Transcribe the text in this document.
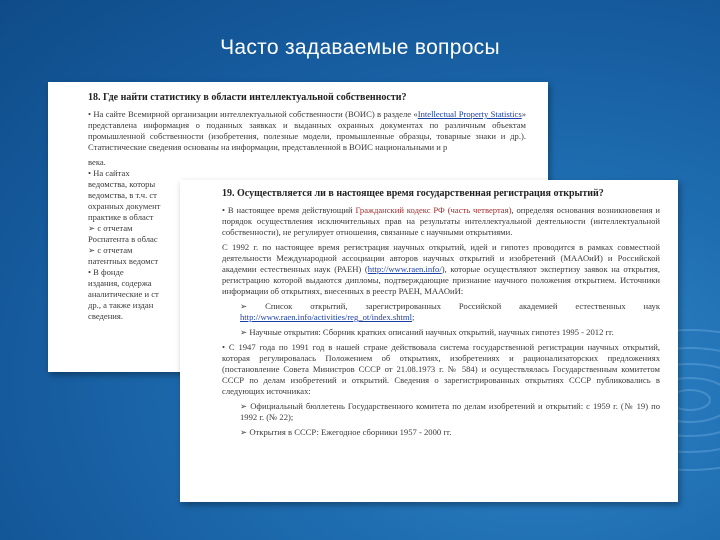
Часто задаваемые вопросы
18. Где найти статистику в области интеллектуальной собственности?

• На сайте Всемирной организации интеллектуальной собственности (ВОИС) в разделе «Intellectual Property Statistics» представлена информация о поданных заявках и выданных охранных документах по различным объектам промышленной собственности (изобретения, полезные модели, промышленные образцы, товарные знаки и др.). Статистические сведения основаны на информации, представленной в ВОИС национальными и р

века.
• На сайтах
ведомства, которы
ведомства, в т.ч. ст
охранных документ
практике в област
➢ с отчетам
Роспатента в облас
➢ с отчетам
патентных ведомст
• В фонде
издания, содержа
аналитические и ст
др., а также издан
сведения.
19. Осуществляется ли в настоящее время государственная регистрация открытий?

• В настоящее время действующий Гражданский кодекс РФ (часть четвертая), определяя основания возникновения и порядок осуществления исключительных прав на результаты интеллектуальной деятельности (интеллектуальной собственности), не регулирует отношения, связанные с научными открытиями.

С 1992 г. по настоящее время регистрация научных открытий, идей и гипотез проводится в рамках совместной деятельности Международной ассоциации авторов научных открытий и изобретений (МААОиИ) и Российской академии естественных наук (РАЕН) (http://www.raen.info/), которые осуществляют экспертизу заявок на открытия, регистрацию которой выдаются дипломы, подтверждающие признание научного положения открытием. Источники информации об открытиях, внесенных в реестр РАЕН, МААОиИ:

➢ Список открытий, зарегистрированных Российской академией естественных наук http://www.raen.info/activities/reg_ot/index.shtml;

➢ Научные открытия: Сборник кратких описаний научных открытий, научных гипотез 1995 - 2012 гг.

• С 1947 года по 1991 год в нашей стране действовала система государственной регистрации научных открытий, которая регулировалась Положением об открытиях, изобретениях и рационализаторских предложениях (постановление Совета Министров СССР от 21.08.1973 г. № 584) и осуществлялась Государственным комитетом СССР по делам изобретений и открытий. Сведения о зарегистрированных открытиях СССР публиковались в следующих источниках:

➢ Официальный бюллетень Государственного комитета по делам изобретений и открытий: с 1959 г. (№ 19) по 1992 г. (№ 22);

➢ Открытия в СССР: Ежегодное сборники 1957 - 2000 гг.
